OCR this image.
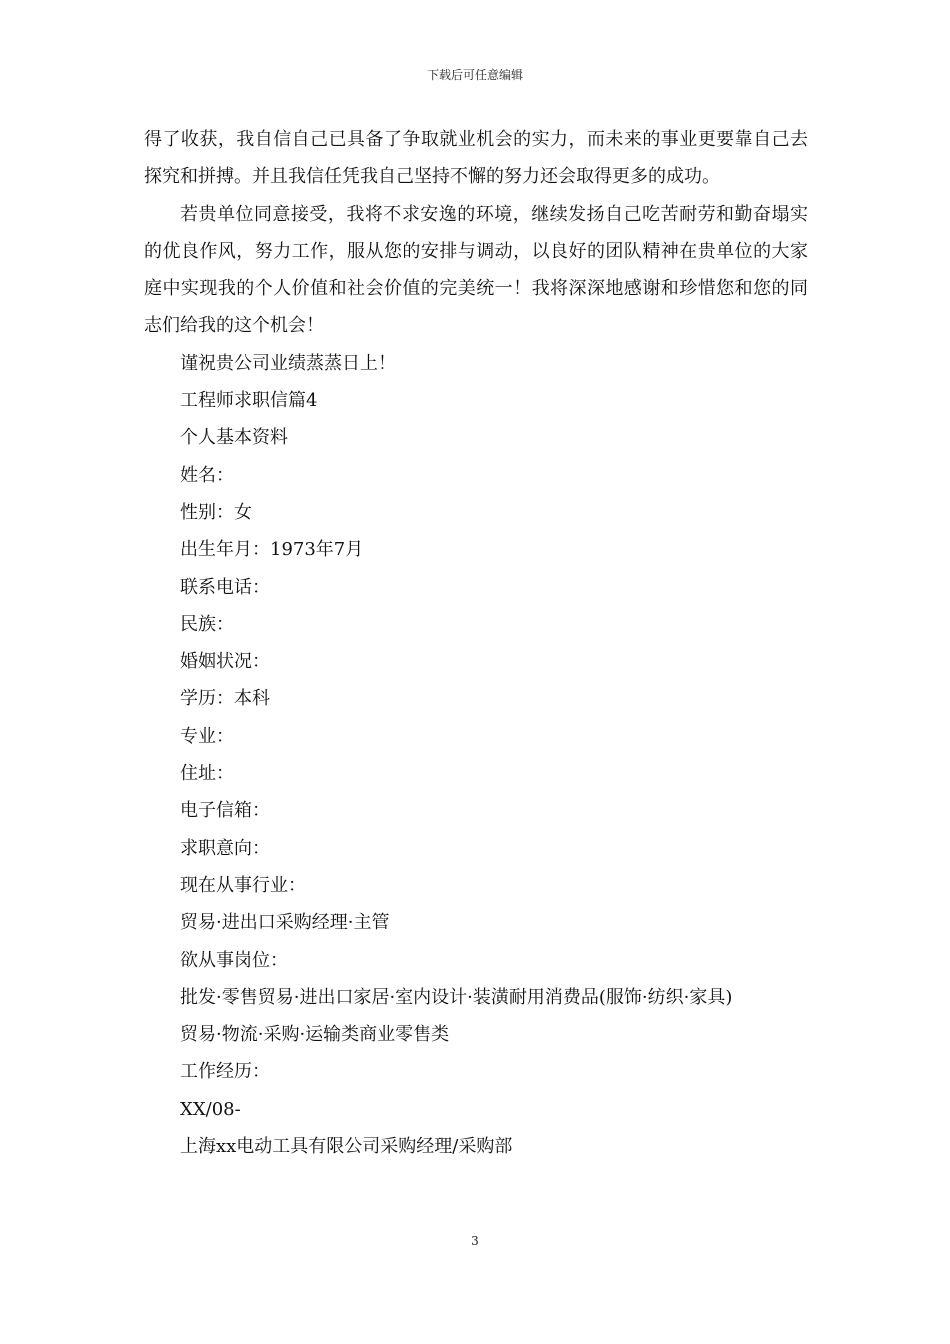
下载后可任意编辑

得了收获，我自信自己已具备了争取就业机会的实力，而未来的事业更要靠自己去探究和拼搏。并且我信任凭我自己坚持不懈的努力还会取得更多的成功。

若贵单位同意接受，我将不求安逸的环境，继续发扬自己吃苦耐劳和勤奋塌实的优良作风，努力工作，服从您的安排与调动，以良好的团队精神在贵单位的大家庭中实现我的个人价值和社会价值的完美统一！我将深深地感谢和珍惜您和您的同志们给我的这个机会！

谨祝贵公司业绩蒸蒸日上！

工程师求职信篇4

个人基本资料

姓名：

性别：女

出生年月：1973年7月

联系电话：

民族：

婚姻状况：

学历：本科

专业：

住址：

电子信箱：

求职意向：

现在从事行业：

贸易·进出口采购经理·主管

欲从事岗位：

批发·零售贸易·进出口家居·室内设计·装潢耐用消费品(服饰·纺织·家具)

贸易·物流·采购·运输类商业零售类

工作经历：

XX/08-

上海xx电动工具有限公司采购经理/采购部

3
